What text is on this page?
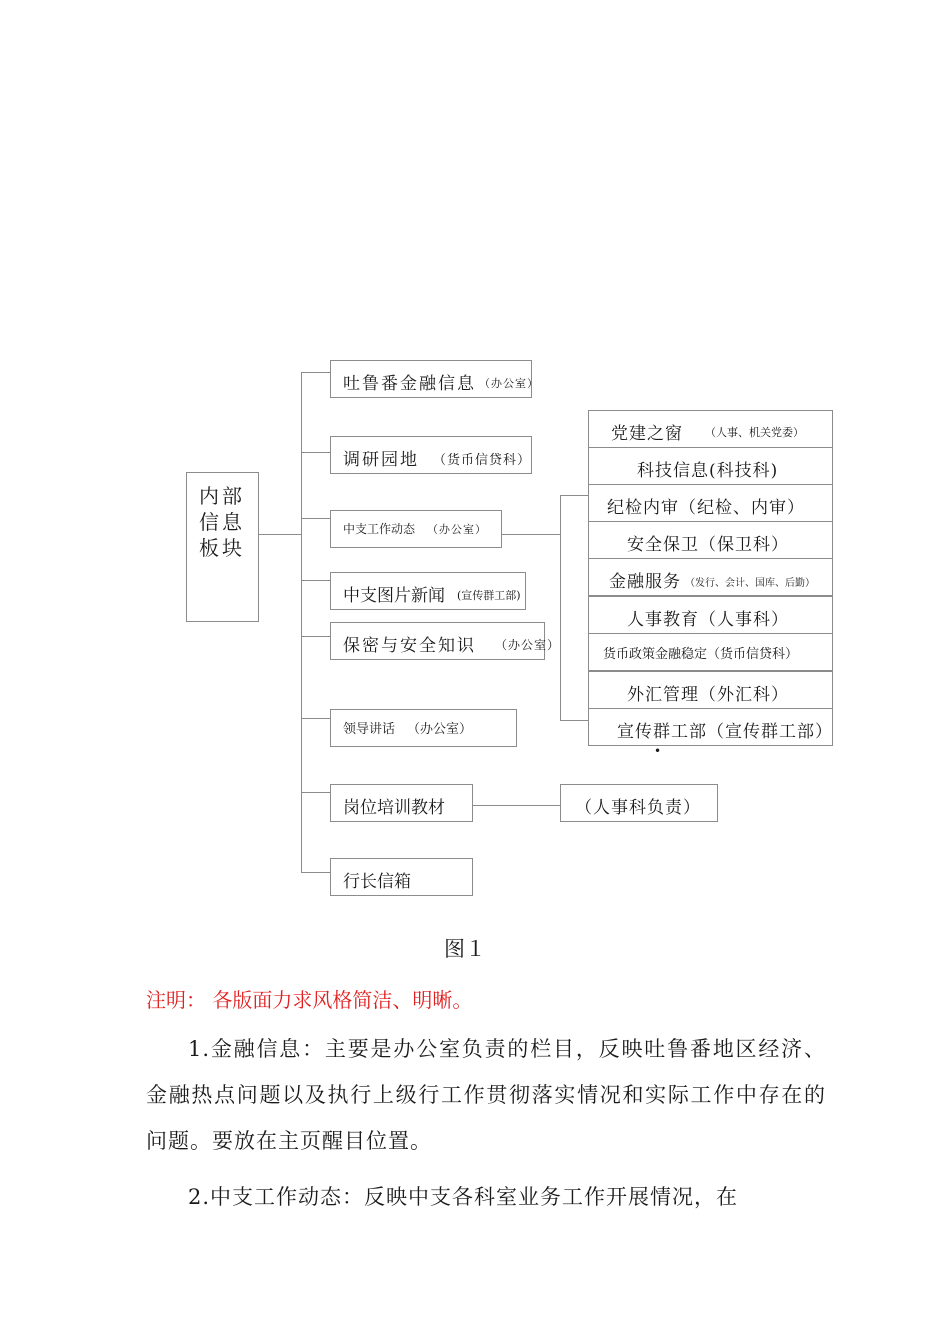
内部信息板块
吐鲁番金融信息 （办公室）
调研园地 （货币信贷科）
中支工作动态 （办公室）
中支图片新闻 (宣传群工部)
保密与安全知识 （办公室）
领导讲话 （办公室）
岗位培训教材
行长信箱
党建之窗 （人事、机关党委）
科技信息(科技科)
纪检内审（纪检、内审）
安全保卫（保卫科）
金融服务 （发行、会计、国库、后勤）
人事教育（人事科）
货币政策金融稳定（货币信贷科）
外汇管理（外汇科）
宣传群工部（宣传群工部）
•
（人事科负责）
图１
注明： 各版面力求风格简洁、明晰。
1.金融信息：主要是办公室负责的栏目，反映吐鲁番地区经济、金融热点问题以及执行上级行工作贯彻落实情况和实际工作中存在的问题。要放在主页醒目位置。
2.中支工作动态：反映中支各科室业务工作开展情况，在
